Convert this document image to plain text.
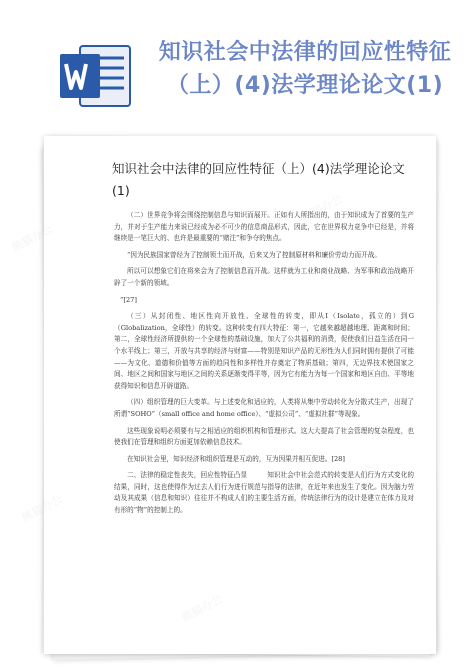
知识社会中法律的回应性特征（上）(4)法学理论论文(1)
知识社会中法律的回应性特征（上）(4)法学理论论文(1)

（二）世界竞争将会围绕控制信息与知识而展开。正如有人所指出的，由于知识成为了首要的生产力，并对于生产能力来说已经成为必不可少的信息商品形式，因此，它在世界权力竞争中已经是，并将继续是一笔巨大的、也许是最重要的“赌注”和争夺的焦点。

“因为民族国家曾经为了控制领土而开战，后来又为了控制原材料和廉价劳动力而开战。

所以可以想象它们在将来会为了控制信息而开战。这样就为工业和商业战略、为军事和政治战略开辟了一个新的领域。

”[27]

（三）从封闭性、地区性向开放性、全球性的转变，即从Ⅰ（Isolate，孤立的）到G（Globalization，全球性）的转变。这种转变有四大特征：第一，它越来越超越地理、距离和时间；第二，全球性经济所提供的一个全球性的基础设施，加大了公共福利的消费，促使我们日益生活在同一个水平线上；第三，开放与共享的经济与财富——特别是知识产品的无形性为人们同时拥有提供了可能——为文化、道德和价值等方面的趋同性和多样性并存奠定了物质基础；第四，无边界技术使国家之间、地区之间和国家与地区之间的关系逐渐变得平等，因为它有能力为每一个国家和地区自由、平等地获得知识和信息开辟道路。

（四）组织管理的巨大变革。与上述变化和适应的，人类将从集中劳动转化为分散式生产，出现了所谓“SOHO”（small office and home office）、“虚拟公司”、“虚拟社群”等现象。

这些现象说明必须要有与之相适应的组织机构和管理形式。这大大提高了社会管理的复杂程度，也使我们在管理和组织方面更加依赖信息技术。

在知识社会里，知识经济和组织管理是互动的，互为因果并相互促进。[28]

二、法律的稳定性丧失，回应性特征凸显　　　知识社会中社会范式的转变是人们行为方式变化的结果，同时，这也使得作为过去人们行为进行规范与指导的法律，在近年来也发生了变化。因为脑力劳动及其成果（信息和知识）往往并不构成人们的主要生活方面，传统法律行为的设计是建立在体力及对有形的“物”的控制上的。

熊猫办公
熊猫办公
